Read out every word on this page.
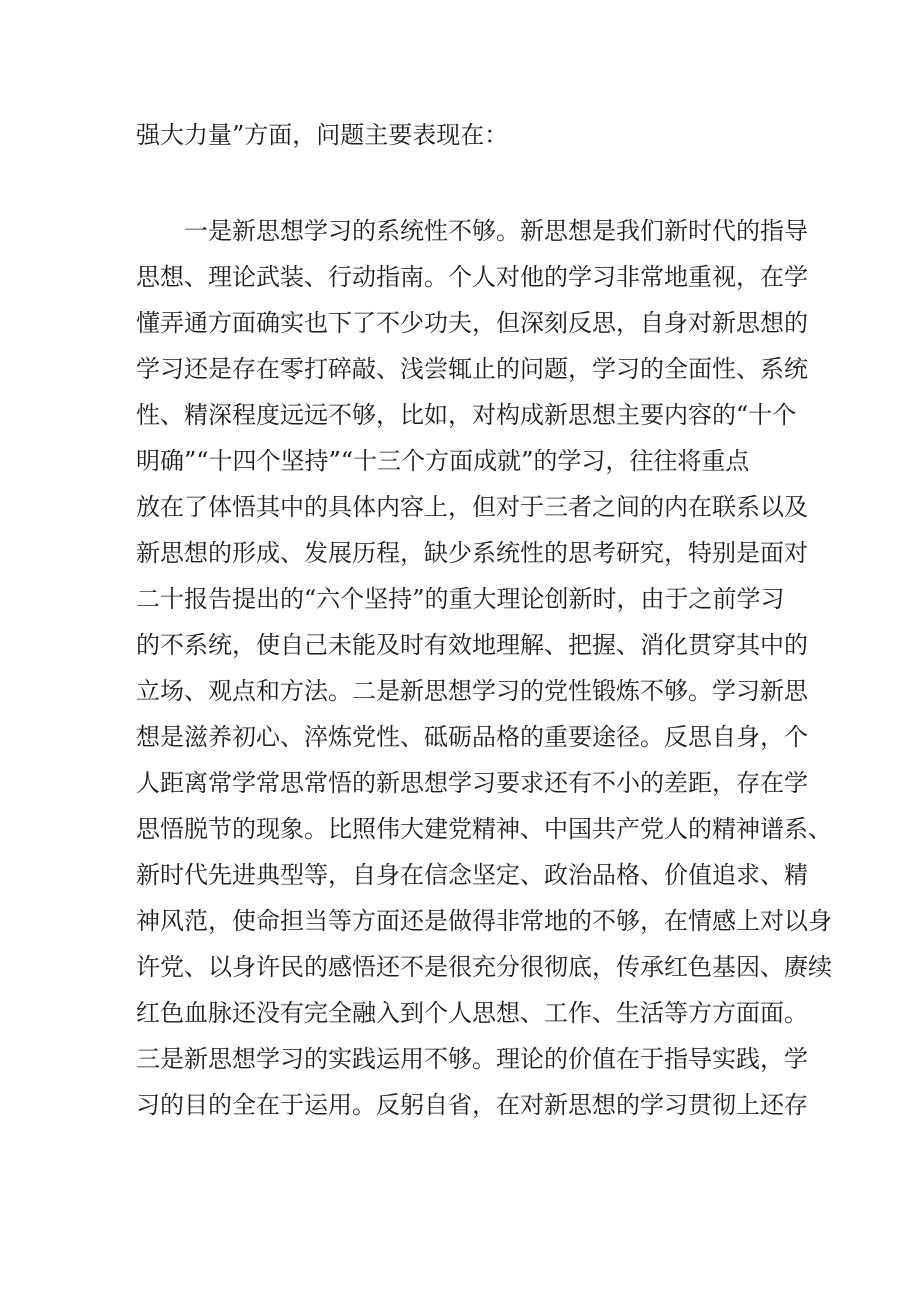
强大力量”方面，问题主要表现在：
一是新思想学习的系统性不够。新思想是我们新时代的指导
思想、理论武装、行动指南。个人对他的学习非常地重视，在学
懂弄通方面确实也下了不少功夫，但深刻反思，自身对新思想的
学习还是存在零打碎敲、浅尝辄止的问题，学习的全面性、系统
性、精深程度远远不够，比如，对构成新思想主要内容的“十个
明确”“十四个坚持”“十三个方面成就”的学习，往往将重点
放在了体悟其中的具体内容上，但对于三者之间的内在联系以及
新思想的形成、发展历程，缺少系统性的思考研究，特别是面对
二十报告提出的“六个坚持”的重大理论创新时，由于之前学习
的不系统，使自己未能及时有效地理解、把握、消化贯穿其中的
立场、观点和方法。二是新思想学习的党性锻炼不够。学习新思
想是滋养初心、淬炼党性、砥砺品格的重要途径。反思自身，个
人距离常学常思常悟的新思想学习要求还有不小的差距，存在学
思悟脱节的现象。比照伟大建党精神、中国共产党人的精神谱系、
新时代先进典型等，自身在信念坚定、政治品格、价值追求、精
神风范，使命担当等方面还是做得非常地的不够，在情感上对以身
许党、以身许民的感悟还不是很充分很彻底，传承红色基因、赓续
红色血脉还没有完全融入到个人思想、工作、生活等方方面面。
三是新思想学习的实践运用不够。理论的价值在于指导实践，学
习的目的全在于运用。反躬自省，在对新思想的学习贯彻上还存
